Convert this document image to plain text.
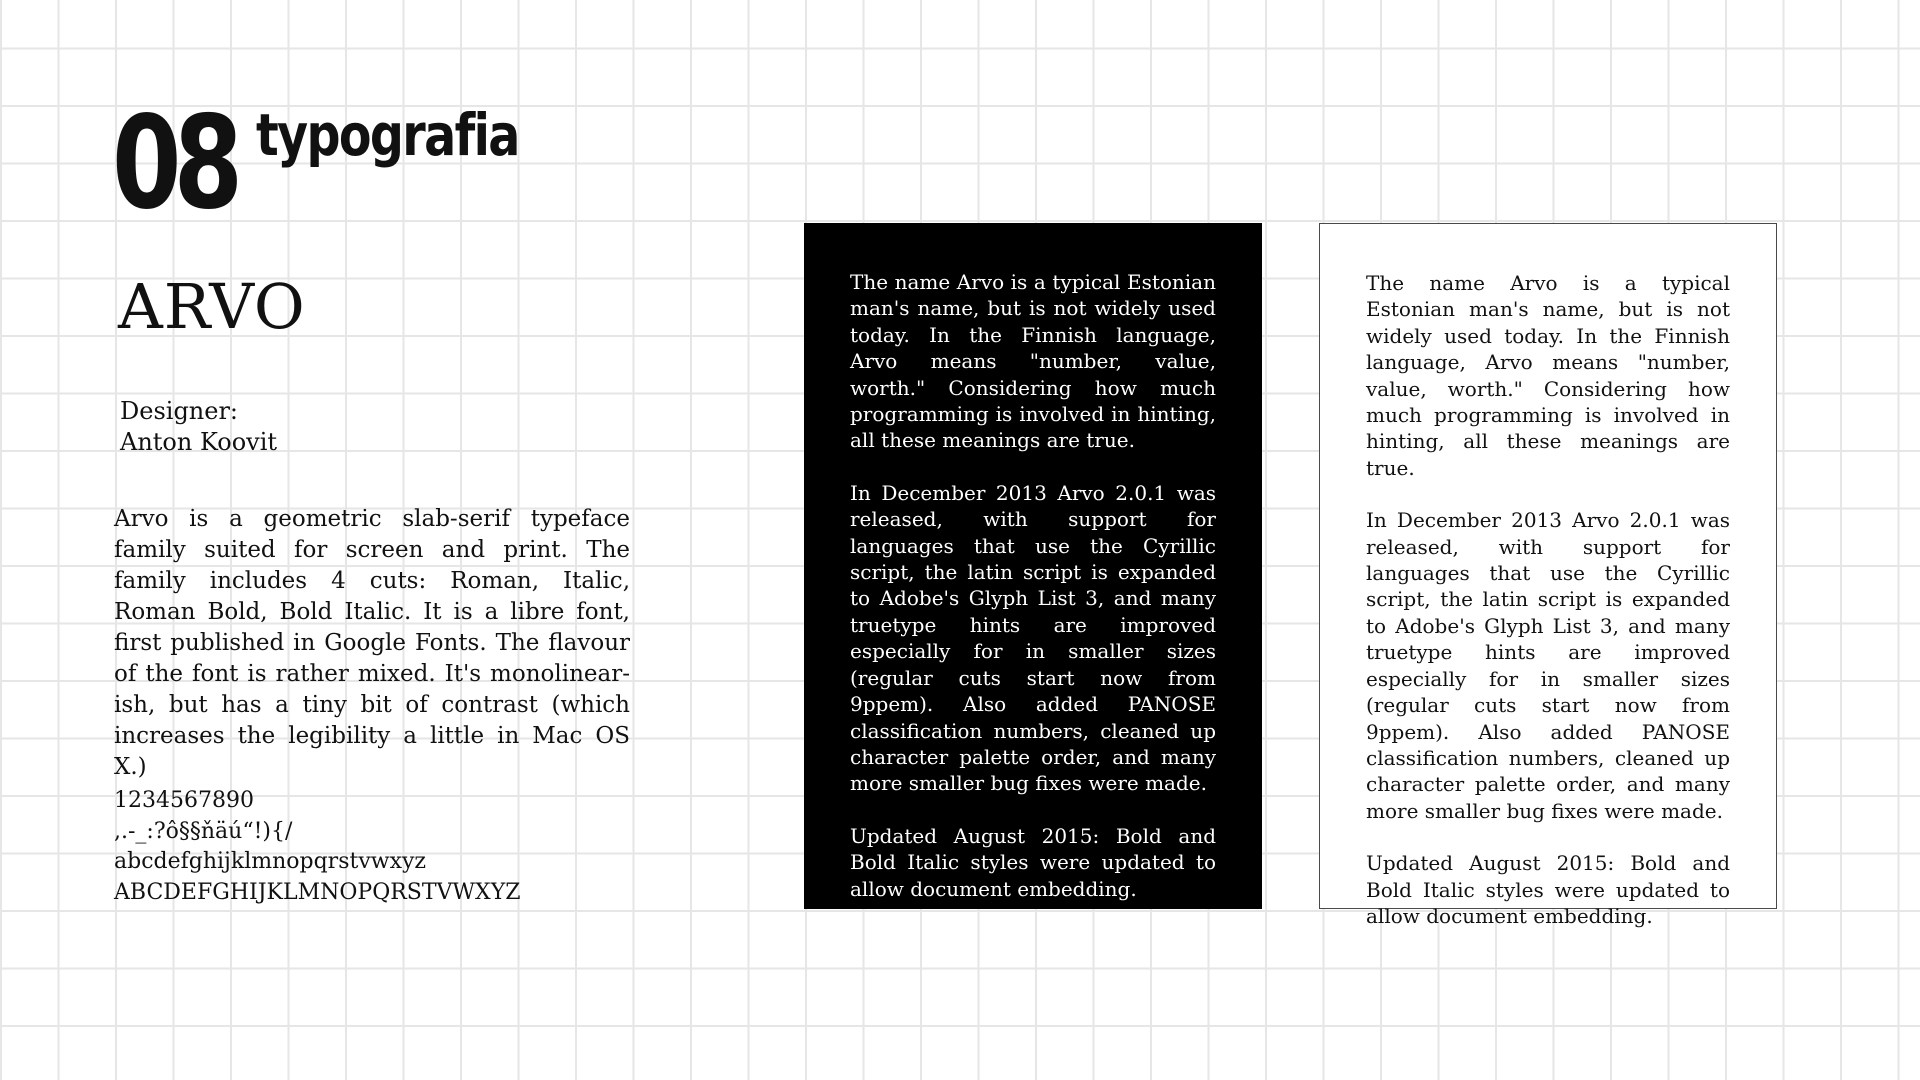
08 typografia
ARVO
Designer:
Anton Koovit
Arvo is a geometric slab-serif typeface family suited for screen and print. The family includes 4 cuts: Roman, Italic, Roman Bold, Bold Italic. It is a libre font, first published in Google Fonts. The flavour of the font is rather mixed. It's monolinear-ish, but has a tiny bit of contrast (which increases the legibility a little in Mac OS X.)
1234567890
,.-_:?ô§§ňäú“!){/
abcdefghijklmnopqrstvwxyz
ABCDEFGHIJKLMNOPQRSTVWXYZ

The name Arvo is a typical Estonian man's name, but is not widely used today. In the Finnish language, Arvo means "number, value, worth." Considering how much programming is involved in hinting, all these meanings are true.

In December 2013 Arvo 2.0.1 was released, with support for languages that use the Cyrillic script, the latin script is expanded to Adobe's Glyph List 3, and many truetype hints are improved especially for in smaller sizes (regular cuts start now from 9ppem). Also added PANOSE classification numbers, cleaned up character palette order, and many more smaller bug fixes were made.

Updated August 2015: Bold and Bold Italic styles were updated to allow document embedding.

The name Arvo is a typical Estonian man's name, but is not widely used today. In the Finnish language, Arvo means "number, value, worth." Considering how much programming is involved in hinting, all these meanings are true.

In December 2013 Arvo 2.0.1 was released, with support for languages that use the Cyrillic script, the latin script is expanded to Adobe's Glyph List 3, and many truetype hints are improved especially for in smaller sizes (regular cuts start now from 9ppem). Also added PANOSE classification numbers, cleaned up character palette order, and many more smaller bug fixes were made.

Updated August 2015: Bold and Bold Italic styles were updated to allow document embedding.
